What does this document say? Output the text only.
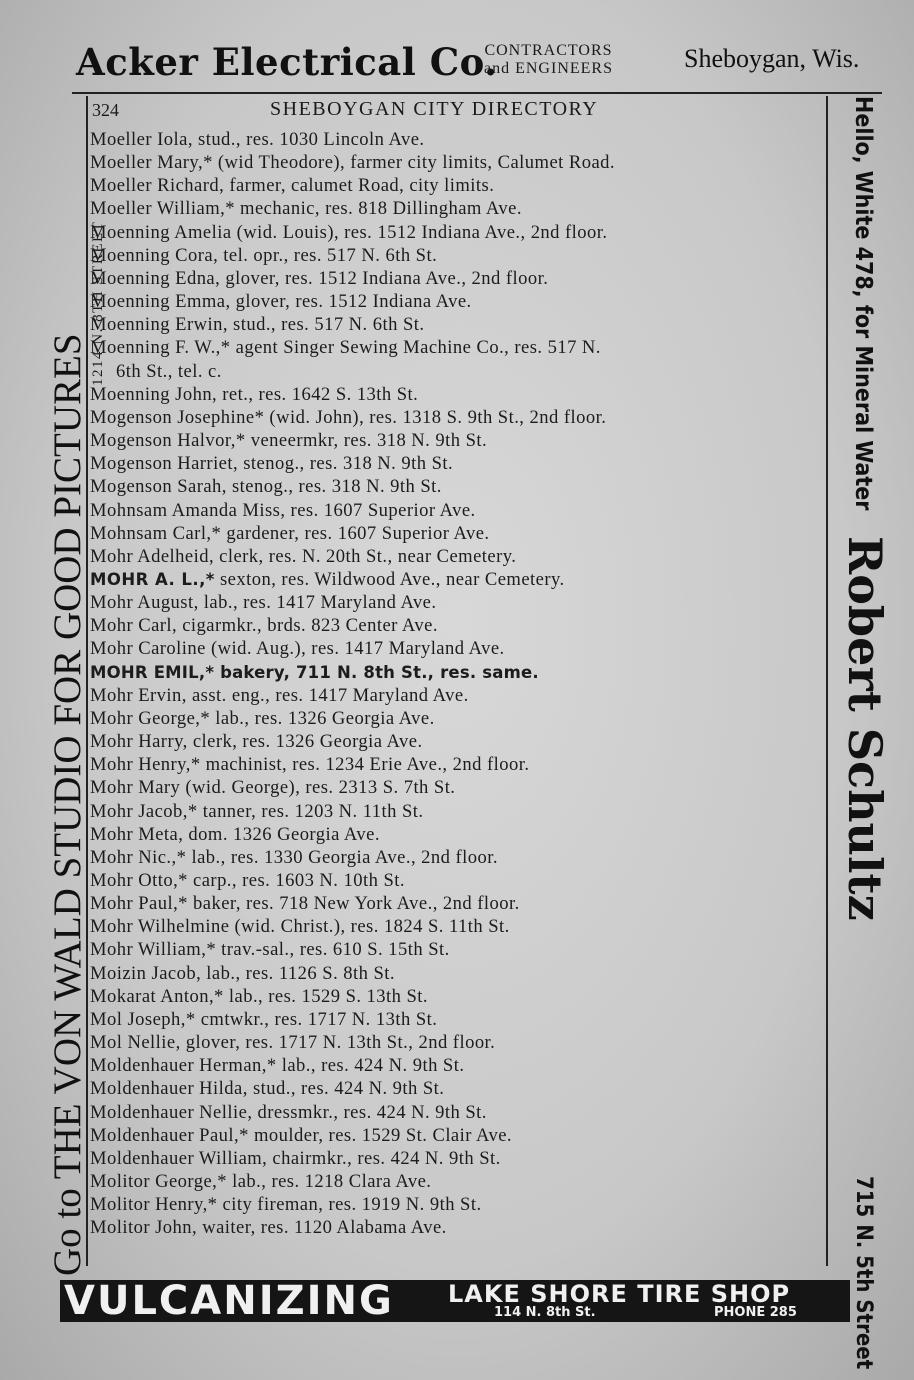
Acker Electrical Co.
CONTRACTORS
and ENGINEERS	Sheboygan, Wis.
Go to THE VON WALD STUDIO FOR GOOD PICTURES
1214 N. 8TH STREET	Hello, White 478, for Mineral Water
Robert Schultz
715 N. 5th Street
324	SHEBOYGAN CITY DIRECTORY
Moeller Iola, stud., res. 1030 Lincoln Ave.
Moeller Mary,* (wid Theodore), farmer city limits, Calumet Road.
Moeller Richard, farmer, calumet Road, city limits.
Moeller William,* mechanic, res. 818 Dillingham Ave.
Moenning Amelia (wid. Louis), res. 1512 Indiana Ave., 2nd floor.
Moenning Cora, tel. opr., res. 517 N. 6th St.
Moenning Edna, glover, res. 1512 Indiana Ave., 2nd floor.
Moenning Emma, glover, res. 1512 Indiana Ave.
Moenning Erwin, stud., res. 517 N. 6th St.
Moenning F. W.,* agent Singer Sewing Machine Co., res. 517 N.
6th St., tel. c.
Moenning John, ret., res. 1642 S. 13th St.
Mogenson Josephine* (wid. John), res. 1318 S. 9th St., 2nd floor.
Mogenson Halvor,* veneermkr, res. 318 N. 9th St.
Mogenson Harriet, stenog., res. 318 N. 9th St.
Mogenson Sarah, stenog., res. 318 N. 9th St.
Mohnsam Amanda Miss, res. 1607 Superior Ave.
Mohnsam Carl,* gardener, res. 1607 Superior Ave.
Mohr Adelheid, clerk, res. N. 20th St., near Cemetery.
MOHR A. L.,* sexton, res. Wildwood Ave., near Cemetery.
Mohr August, lab., res. 1417 Maryland Ave.
Mohr Carl, cigarmkr., brds. 823 Center Ave.
Mohr Caroline (wid. Aug.), res. 1417 Maryland Ave.
MOHR EMIL,* bakery, 711 N. 8th St., res. same.
Mohr Ervin, asst. eng., res. 1417 Maryland Ave.
Mohr George,* lab., res. 1326 Georgia Ave.
Mohr Harry, clerk, res. 1326 Georgia Ave.
Mohr Henry,* machinist, res. 1234 Erie Ave., 2nd floor.
Mohr Mary (wid. George), res. 2313 S. 7th St.
Mohr Jacob,* tanner, res. 1203 N. 11th St.
Mohr Meta, dom. 1326 Georgia Ave.
Mohr Nic.,* lab., res. 1330 Georgia Ave., 2nd floor.
Mohr Otto,* carp., res. 1603 N. 10th St.
Mohr Paul,* baker, res. 718 New York Ave., 2nd floor.
Mohr Wilhelmine (wid. Christ.), res. 1824 S. 11th St.
Mohr William,* trav.-sal., res. 610 S. 15th St.
Moizin Jacob, lab., res. 1126 S. 8th St.
Mokarat Anton,* lab., res. 1529 S. 13th St.
Mol Joseph,* cmtwkr., res. 1717 N. 13th St.
Mol Nellie, glover, res. 1717 N. 13th St., 2nd floor.
Moldenhauer Herman,* lab., res. 424 N. 9th St.
Moldenhauer Hilda, stud., res. 424 N. 9th St.
Moldenhauer Nellie, dressmkr., res. 424 N. 9th St.
Moldenhauer Paul,* moulder, res. 1529 St. Clair Ave.
Moldenhauer William, chairmkr., res. 424 N. 9th St.
Molitor George,* lab., res. 1218 Clara Ave.
Molitor Henry,* city fireman, res. 1919 N. 9th St.
Molitor John, waiter, res. 1120 Alabama Ave.
VULCANIZING LAKE SHORE TIRE SHOP
114 N. 8th St.	PHONE 285
